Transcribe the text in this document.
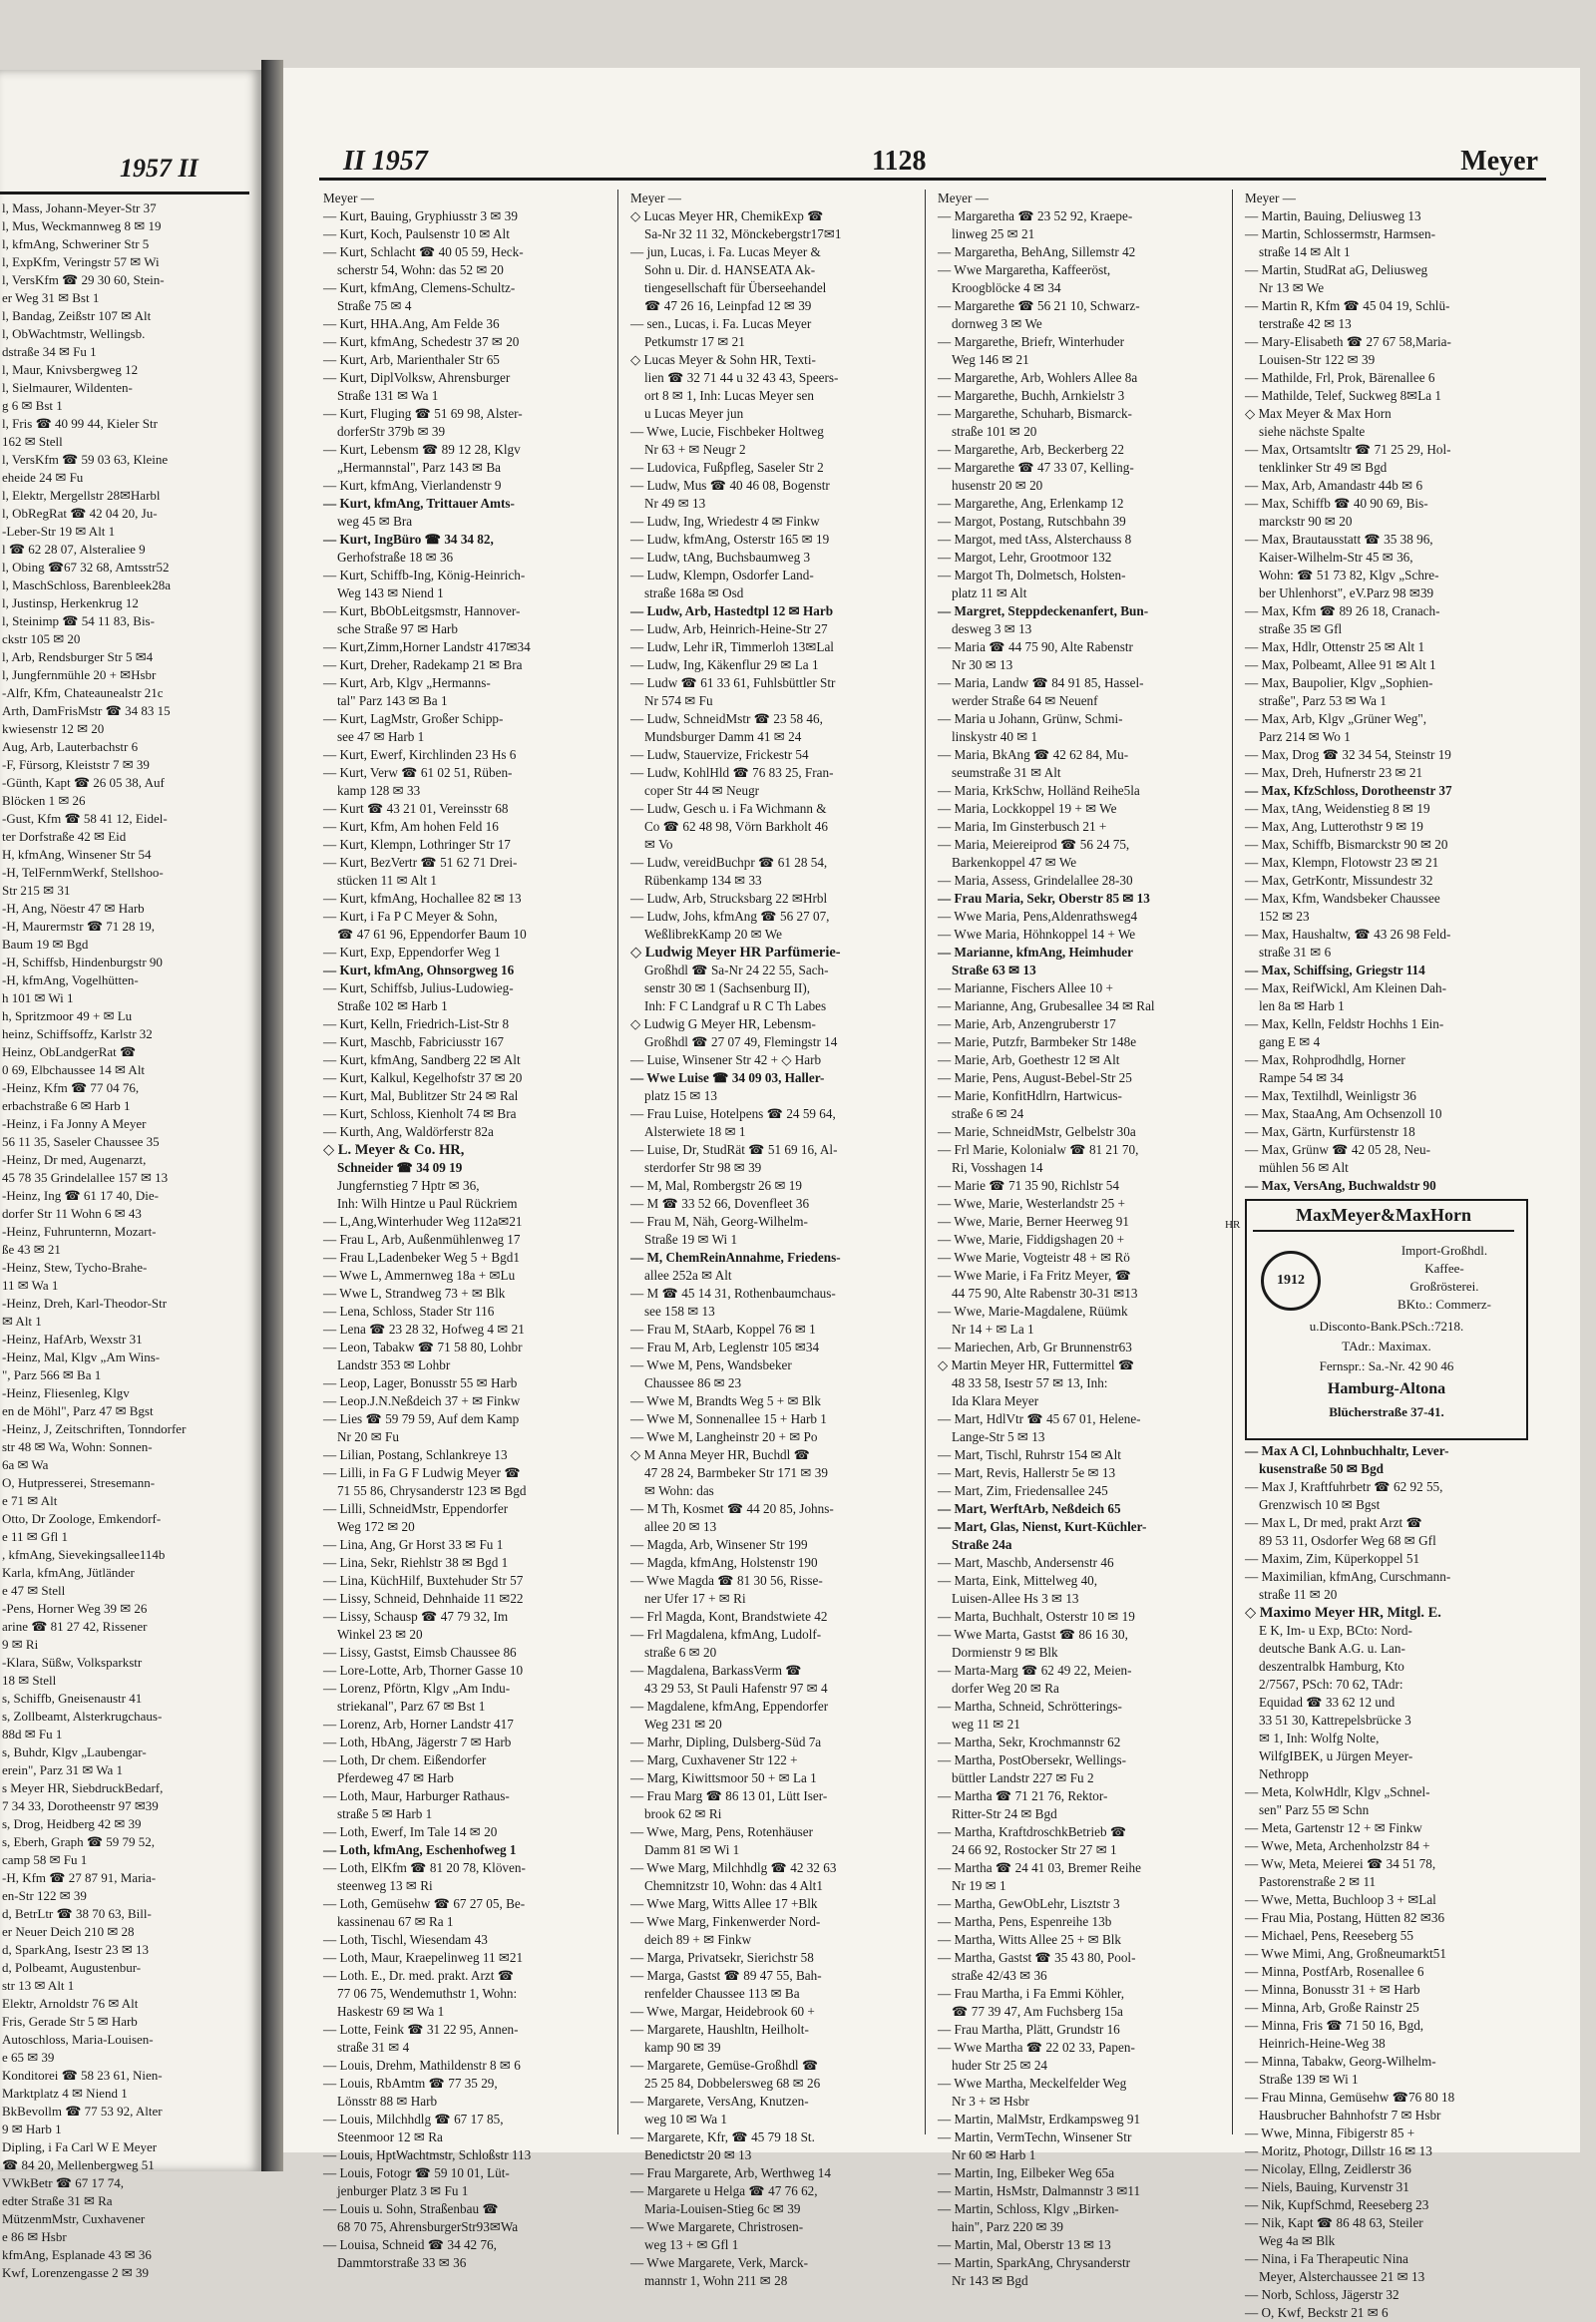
1957 II
l, Mass, Johann-Meyer-Str 37
l, Mus, Weckmannweg 8 ✉ 19
l, kfmAng, Schweriner Str 5
l, ExpKfm, Veringstr 57 ✉ Wi
l, VersKfm ☎ 29 30 60, Stein-
er Weg 31 ✉ Bst 1
l, Bandag, Zeißstr 107 ✉ Alt
l, ObWachtmstr, Wellingsb.
dstraße 34 ✉ Fu 1
l, Maur, Knivsbergweg 12
l, Sielmaurer, Wildenten-
g 6 ✉ Bst 1
l, Fris ☎ 40 99 44, Kieler Str
162 ✉ Stell
l, VersKfm ☎ 59 03 63, Kleine
eheide 24 ✉ Fu
l, Elektr, Mergellstr 28✉Harbl
l, ObRegRat ☎ 42 04 20, Ju-
-Leber-Str 19 ✉ Alt 1
l ☎ 62 28 07, Alsteraliee 9
l, Obing ☎67 32 68, Amtsstr52
l, MaschSchloss, Barenbleek28a
l, Justinsp, Herkenkrug 12
l, Steinimp ☎ 54 11 83, Bis-
ckstr 105 ✉ 20
l, Arb, Rendsburger Str 5 ✉4
l, Jungfernmühle 20 + ✉Hsbr
-Alfr, Kfm, Chateaunealstr 21c
Arth, DamFrisMstr ☎ 34 83 15
kwiesenstr 12 ✉ 20
Aug, Arb, Lauterbachstr 6
-F, Fürsorg, Kleiststr 7 ✉ 39
-Günth, Kapt ☎ 26 05 38, Auf
Blöcken 1 ✉ 26
-Gust, Kfm ☎ 58 41 12, Eidel-
ter Dorfstraße 42 ✉ Eid
H, kfmAng, Winsener Str 54
-H, TelFernmWerkf, Stellshoo-
Str 215 ✉ 31
-H, Ang, Nöestr 47 ✉ Harb
-H, Maurermstr ☎ 71 28 19,
Baum 19 ✉ Bgd
-H, Schiffsb, Hindenburgstr 90
-H, kfmAng, Vogelhütten-
h 101 ✉ Wi 1
h, Spritzmoor 49 + ✉ Lu
heinz, Schiffsoffz, Karlstr 32
Heinz, ObLandgerRat ☎
0 69, Elbchaussee 14 ✉ Alt
-Heinz, Kfm ☎ 77 04 76,
erbachstraße 6 ✉ Harb 1
-Heinz, i Fa Jonny A Meyer
56 11 35, Saseler Chaussee 35
-Heinz, Dr med, Augenarzt,
45 78 35 Grindelallee 157 ✉ 13
-Heinz, Ing ☎ 61 17 40, Die-
dorfer Str 11 Wohn 6 ✉ 43
-Heinz, Fuhrunternn, Mozart-
ße 43 ✉ 21
-Heinz, Stew, Tycho-Brahe-
11 ✉ Wa 1
-Heinz, Dreh, Karl-Theodor-Str
✉ Alt 1
-Heinz, HafArb, Wexstr 31
-Heinz, Mal, Klgv „Am Wins-
", Parz 566 ✉ Ba 1
-Heinz, Fliesenleg, Klgv
en de Möhl", Parz 47 ✉ Bgst
-Heinz, J, Zeitschriften, Tonndorfer
str 48 ✉ Wa, Wohn: Sonnen-
6a ✉ Wa
O, Hutpresserei, Stresemann-
e 71 ✉ Alt
Otto, Dr Zoologe, Emkendorf-
e 11 ✉ Gfl 1
, kfmAng, Sievekingsallee114b
Karla, kfmAng, Jütländer
e 47 ✉ Stell
-Pens, Horner Weg 39 ✉ 26
arine ☎ 81 27 42, Rissener
9 ✉ Ri
-Klara, Süßw, Volksparkstr
18 ✉ Stell
s, Schiffb, Gneisenaustr 41
s, Zollbeamt, Alsterkrugchaus-
88d ✉ Fu 1
s, Buhdr, Klgv „Laubengar-
erein", Parz 31 ✉ Wa 1
s Meyer HR, SiebdruckBedarf,
7 34 33, Dorotheenstr 97 ✉39
s, Drog, Heidberg 42 ✉ 39
s, Eberh, Graph ☎ 59 79 52,
camp 58 ✉ Fu 1
-H, Kfm ☎ 27 87 91, Maria-
en-Str 122 ✉ 39
d, BetrLtr ☎ 38 70 63, Bill-
er Neuer Deich 210 ✉ 28
d, SparkAng, Isestr 23 ✉ 13
d, Polbeamt, Augustenbur-
str 13 ✉ Alt 1
Elektr, Arnoldstr 76 ✉ Alt
Fris, Gerade Str 5 ✉ Harb
Autoschloss, Maria-Louisen-
e 65 ✉ 39
Konditorei ☎ 58 23 61, Nien-
Marktplatz 4 ✉ Niend 1
BkBevollm ☎ 77 53 92, Alter
9 ✉ Harb 1
Dipling, i Fa Carl W E Meyer
☎ 84 20, Mellenbergweg 51
VWkBetr ☎ 67 17 74,
edter Straße 31 ✉ Ra
MützenmMstr, Cuxhavener
e 86 ✉ Hsbr
kfmAng, Esplanade 43 ✉ 36
Kwf, Lorenzengasse 2 ✉ 39
II 1957	1128	Meyer
Meyer —
— Kurt, Bauing, Gryphiusstr 3 ✉ 39
— Kurt, Koch, Paulsenstr 10 ✉ Alt
— Kurt, Schlacht ☎ 40 05 59, Heck-
scherstr 54, Wohn: das 52 ✉ 20
— Kurt, kfmAng, Clemens-Schultz-
Straße 75 ✉ 4
— Kurt, HHA.Ang, Am Felde 36
— Kurt, kfmAng, Schedestr 37 ✉ 20
— Kurt, Arb, Marienthaler Str 65
— Kurt, DiplVolksw, Ahrensburger
Straße 131 ✉ Wa 1
— Kurt, Fluging ☎ 51 69 98, Alster-
dorferStr 379b ✉ 39
— Kurt, Lebensm ☎ 89 12 28, Klgv
„Hermannstal", Parz 143 ✉ Ba
— Kurt, kfmAng, Vierlandenstr 9
— Kurt, kfmAng, Trittauer Amts-
weg 45 ✉ Bra
— Kurt, IngBüro ☎ 34 34 82,
Gerhofstraße 18 ✉ 36
— Kurt, Schiffb-Ing, König-Heinrich-
Weg 143 ✉ Niend 1
— Kurt, BbObLeitgsmstr, Hannover-
sche Straße 97 ✉ Harb
— Kurt,Zimm,Horner Landstr 417✉34
— Kurt, Dreher, Radekamp 21 ✉ Bra
— Kurt, Arb, Klgv „Hermanns-
tal" Parz 143 ✉ Ba 1
— Kurt, LagMstr, Großer Schipp-
see 47 ✉ Harb 1
— Kurt, Ewerf, Kirchlinden 23 Hs 6
— Kurt, Verw ☎ 61 02 51, Rüben-
kamp 128 ✉ 33
— Kurt ☎ 43 21 01, Vereinsstr 68
— Kurt, Kfm, Am hohen Feld 16
— Kurt, Klempn, Lothringer Str 17
— Kurt, BezVertr ☎ 51 62 71 Drei-
stücken 11 ✉ Alt 1
— Kurt, kfmAng, Hochallee 82 ✉ 13
— Kurt, i Fa P C Meyer & Sohn,
☎ 47 61 96, Eppendorfer Baum 10
— Kurt, Exp, Eppendorfer Weg 1
— Kurt, kfmAng, Ohnsorgweg 16
— Kurt, Schiffsb, Julius-Ludowieg-
Straße 102 ✉ Harb 1
— Kurt, Kelln, Friedrich-List-Str 8
— Kurt, Maschb, Fabriciusstr 167
— Kurt, kfmAng, Sandberg 22 ✉ Alt
— Kurt, Kalkul, Kegelhofstr 37 ✉ 20
— Kurt, Mal, Bublitzer Str 24 ✉ Ral
— Kurt, Schloss, Kienholt 74 ✉ Bra
— Kurth, Ang, Waldörferstr 82a
◇ L. Meyer & Co. HR,
Schneider ☎ 34 09 19
Jungfernstieg 7 Hptr ✉ 36,
Inh: Wilh Hintze u Paul Rückriem
— L,Ang,Winterhuder Weg 112a✉21
— Frau L, Arb, Außenmühlenweg 17
— Frau L,Ladenbeker Weg 5 + Bgd1
— Wwe L, Ammernweg 18a + ✉Lu
— Wwe L, Strandweg 73 + ✉ Blk
— Lena, Schloss, Stader Str 116
— Lena ☎ 23 28 32, Hofweg 4 ✉ 21
— Leon, Tabakw ☎ 71 58 80, Lohbr
Landstr 353 ✉ Lohbr
— Leop, Lager, Bonusstr 55 ✉ Harb
— Leop.J.N.Neßdeich 37 + ✉ Finkw
— Lies ☎ 59 79 59, Auf dem Kamp
Nr 20 ✉ Fu
— Lilian, Postang, Schlankreye 13
— Lilli, in Fa G F Ludwig Meyer ☎
71 55 86, Chrysanderstr 123 ✉ Bgd
— Lilli, SchneidMstr, Eppendorfer
Weg 172 ✉ 20
— Lina, Ang, Gr Horst 33 ✉ Fu 1
— Lina, Sekr, Riehlstr 38 ✉ Bgd 1
— Lina, KüchHilf, Buxtehuder Str 57
— Lissy, Schneid, Dehnhaide 11 ✉22
— Lissy, Schausp ☎ 47 79 32, Im
Winkel 23 ✉ 20
— Lissy, Gastst, Eimsb Chaussee 86
— Lore-Lotte, Arb, Thorner Gasse 10
— Lorenz, Pförtn, Klgv „Am Indu-
striekanal", Parz 67 ✉ Bst 1
— Lorenz, Arb, Horner Landstr 417
— Loth, HbAng, Jägerstr 7 ✉ Harb
— Loth, Dr chem. Eißendorfer
Pferdeweg 47 ✉ Harb
— Loth, Maur, Harburger Rathaus-
straße 5 ✉ Harb 1
— Loth, Ewerf, Im Tale 14 ✉ 20
— Loth, kfmAng, Eschenhofweg 1
— Loth, ElKfm ☎ 81 20 78, Klöven-
steenweg 13 ✉ Ri
— Loth, Gemüsehw ☎ 67 27 05, Be-
kassinenau 67 ✉ Ra 1
— Loth, Tischl, Wiesendam 43
— Loth, Maur, Kraepelinweg 11 ✉21
— Loth. E., Dr. med. prakt. Arzt ☎
77 06 75, Wendemuthstr 1, Wohn:
Haskestr 69 ✉ Wa 1
— Lotte, Feink ☎ 31 22 95, Annen-
straße 31 ✉ 4
— Louis, Drehm, Mathildenstr 8 ✉ 6
— Louis, RbAmtm ☎ 77 35 29,
Lönsstr 88 ✉ Harb
— Louis, Milchhdlg ☎ 67 17 85,
Steenmoor 12 ✉ Ra
— Louis, HptWachtmstr, Schloßstr 113
— Louis, Fotogr ☎ 59 10 01, Lüt-
jenburger Platz 3 ✉ Fu 1
— Louis u. Sohn, Straßenbau ☎
68 70 75, AhrensburgerStr93✉Wa
— Louisa, Schneid ☎ 34 42 76,
Dammtorstraße 33 ✉ 36
Meyer —
◇ Lucas Meyer HR, ChemikExp ☎
Sa-Nr 32 11 32, Mönckebergstr17✉1
— jun, Lucas, i. Fa. Lucas Meyer &
Sohn u. Dir. d. HANSEATA Ak-
tiengesellschaft für Überseehandel
☎ 47 26 16, Leinpfad 12 ✉ 39
— sen., Lucas, i. Fa. Lucas Meyer
Petkumstr 17 ✉ 21
◇ Lucas Meyer & Sohn HR, Texti-
lien ☎ 32 71 44 u 32 43 43, Speers-
ort 8 ✉ 1, Inh: Lucas Meyer sen
u Lucas Meyer jun
— Wwe, Lucie, Fischbeker Holtweg
Nr 63 + ✉ Neugr 2
— Ludovica, Fußpfleg, Saseler Str 2
— Ludw, Mus ☎ 40 46 08, Bogenstr
Nr 49 ✉ 13
— Ludw, Ing, Wriedestr 4 ✉ Finkw
— Ludw, kfmAng, Osterstr 165 ✉ 19
— Ludw, tAng, Buchsbaumweg 3
— Ludw, Klempn, Osdorfer Land-
straße 168a ✉ Osd
— Ludw, Arb, Hastedtpl 12 ✉ Harb
— Ludw, Arb, Heinrich-Heine-Str 27
— Ludw, Lehr iR, Timmerloh 13✉Lal
— Ludw, Ing, Käkenflur 29 ✉ La 1
— Ludw ☎ 61 33 61, Fuhlsbüttler Str
Nr 574 ✉ Fu
— Ludw, SchneidMstr ☎ 23 58 46,
Mundsburger Damm 41 ✉ 24
— Ludw, Stauervize, Frickestr 54
— Ludw, KohlHld ☎ 76 83 25, Fran-
coper Str 44 ✉ Neugr
— Ludw, Gesch u. i Fa Wichmann &
Co ☎ 62 48 98, Vörn Barkholt 46
✉ Vo
— Ludw, vereidBuchpr ☎ 61 28 54,
Rübenkamp 134 ✉ 33
— Ludw, Arb, Strucksbarg 22 ✉Hrbl
— Ludw, Johs, kfmAng ☎ 56 27 07,
WeßlibrekKamp 20 ✉ We
◇ Ludwig Meyer HR Parfümerie-
Großhdl ☎ Sa-Nr 24 22 55, Sach-
senstr 30 ✉ 1 (Sachsenburg II),
Inh: F C Landgraf u R C Th Labes
◇ Ludwig G Meyer HR, Lebensm-
Großhdl ☎ 27 07 49, Flemingstr 14
— Luise, Winsener Str 42 + ◇ Harb
— Wwe Luise ☎ 34 09 03, Haller-
platz 15 ✉ 13
— Frau Luise, Hotelpens ☎ 24 59 64,
Alsterwiete 18 ✉ 1
— Luise, Dr, StudRät ☎ 51 69 16, Al-
sterdorfer Str 98 ✉ 39
— M, Mal, Rombergstr 26 ✉ 19
— M ☎ 33 52 66, Dovenfleet 36
— Frau M, Näh, Georg-Wilhelm-
Straße 19 ✉ Wi 1
— M, ChemReinAnnahme, Friedens-
allee 252a ✉ Alt
— M ☎ 45 14 31, Rothenbaumchaus-
see 158 ✉ 13
— Frau M, StAarb, Koppel 76 ✉ 1
— Frau M, Arb, Leglenstr 105 ✉34
— Wwe M, Pens, Wandsbeker
Chaussee 86 ✉ 23
— Wwe M, Brandts Weg 5 + ✉ Blk
— Wwe M, Sonnenallee 15 + Harb 1
— Wwe M, Langheinstr 20 + ✉ Po
◇ M Anna Meyer HR, Buchdl ☎
47 28 24, Barmbeker Str 171 ✉ 39
✉ Wohn: das
— M Th, Kosmet ☎ 44 20 85, Johns-
allee 20 ✉ 13
— Magda, Arb, Winsener Str 199
— Magda, kfmAng, Holstenstr 190
— Wwe Magda ☎ 81 30 56, Risse-
ner Ufer 17 + ✉ Ri
— Frl Magda, Kont, Brandstwiete 42
— Frl Magdalena, kfmAng, Ludolf-
straße 6 ✉ 20
— Magdalena, BarkassVerm ☎
43 29 53, St Pauli Hafenstr 97 ✉ 4
— Magdalene, kfmAng, Eppendorfer
Weg 231 ✉ 20
— Marhr, Dipling, Dulsberg-Süd 7a
— Marg, Cuxhavener Str 122 +
— Marg, Kiwittsmoor 50 + ✉ La 1
— Frau Marg ☎ 86 13 01, Lütt Iser-
brook 62 ✉ Ri
— Wwe, Marg, Pens, Rotenhäuser
Damm 81 ✉ Wi 1
— Wwe Marg, Milchhdlg ☎ 42 32 63
Chemnitzstr 10, Wohn: das 4 Alt1
— Wwe Marg, Witts Allee 17 +Blk
— Wwe Marg, Finkenwerder Nord-
deich 89 + ✉ Finkw
— Marga, Privatsekr, Sierichstr 58
— Marga, Gastst ☎ 89 47 55, Bah-
renfelder Chaussee 113 ✉ Ba
— Wwe, Margar, Heidebrook 60 +
— Margarete, Haushltn, Heilholt-
kamp 90 ✉ 39
— Margarete, Gemüse-Großhdl ☎
25 25 84, Dobbelersweg 68 ✉ 26
— Margarete, VersAng, Knutzen-
weg 10 ✉ Wa 1
— Margarete, Kfr, ☎ 45 79 18 St.
Benedictstr 20 ✉ 13
— Frau Margarete, Arb, Werthweg 14
— Margarete u Helga ☎ 47 76 62,
Maria-Louisen-Stieg 6c ✉ 39
— Wwe Margarete, Christrosen-
weg 13 + ✉ Gfl 1
— Wwe Margarete, Verk, Marck-
mannstr 1, Wohn 211 ✉ 28
Meyer —
— Margaretha ☎ 23 52 92, Kraepe-
linweg 25 ✉ 21
— Margaretha, BehAng, Sillemstr 42
— Wwe Margaretha, Kaffeeröst,
Kroogblöcke 4 ✉ 34
— Margarethe ☎ 56 21 10, Schwarz-
dornweg 3 ✉ We
— Margarethe, Briefr, Winterhuder
Weg 146 ✉ 21
— Margarethe, Arb, Wohlers Allee 8a
— Margarethe, Buchh, Arnkielstr 3
— Margarethe, Schuharb, Bismarck-
straße 101 ✉ 20
— Margarethe, Arb, Beckerberg 22
— Margarethe ☎ 47 33 07, Kelling-
husenstr 20 ✉ 20
— Margarethe, Ang, Erlenkamp 12
— Margot, Postang, Rutschbahn 39
— Margot, med tAss, Alsterchauss 8
— Margot, Lehr, Grootmoor 132
— Margot Th, Dolmetsch, Holsten-
platz 11 ✉ Alt
— Margret, Steppdeckenanfert, Bun-
desweg 3 ✉ 13
— Maria ☎ 44 75 90, Alte Rabenstr
Nr 30 ✉ 13
— Maria, Landw ☎ 84 91 85, Hassel-
werder Straße 64 ✉ Neuenf
— Maria u Johann, Grünw, Schmi-
linskystr 40 ✉ 1
— Maria, BkAng ☎ 42 62 84, Mu-
seumstraße 31 ✉ Alt
— Maria, KrkSchw, Holländ Reihe5la
— Maria, Lockkoppel 19 + ✉ We
— Maria, Im Ginsterbusch 21 +
— Maria, Meiereiprod ☎ 56 24 75,
Barkenkoppel 47 ✉ We
— Maria, Assess, Grindelallee 28-30
— Frau Maria, Sekr, Oberstr 85 ✉ 13
— Wwe Maria, Pens,Aldenrathsweg4
— Wwe Maria, Höhnkoppel 14 + We
— Marianne, kfmAng, Heimhuder
Straße 63 ✉ 13
— Marianne, Fischers Allee 10 +
— Marianne, Ang, Grubesallee 34 ✉ Ral
— Marie, Arb, Anzengruberstr 17
— Marie, Putzfr, Barmbeker Str 148e
— Marie, Arb, Goethestr 12 ✉ Alt
— Marie, Pens, August-Bebel-Str 25
— Marie, KonfitHdlrn, Hartwicus-
straße 6 ✉ 24
— Marie, SchneidMstr, Gelbelstr 30a
— Frl Marie, Kolonialw ☎ 81 21 70,
Ri, Vosshagen 14
— Marie ☎ 71 35 90, Richlstr 54
— Wwe, Marie, Westerlandstr 25 +
— Wwe, Marie, Berner Heerweg 91
— Wwe, Marie, Fiddigshagen 20 +
— Wwe Marie, Vogteistr 48 + ✉ Rö
— Wwe Marie, i Fa Fritz Meyer, ☎
44 75 90, Alte Rabenstr 30-31 ✉13
— Wwe, Marie-Magdalene, Rüümk
Nr 14 + ✉ La 1
— Mariechen, Arb, Gr Brunnenstr63
◇ Martin Meyer HR, Futtermittel ☎
48 33 58, Isestr 57 ✉ 13, Inh:
Ida Klara Meyer
— Mart, HdlVtr ☎ 45 67 01, Helene-
Lange-Str 5 ✉ 13
— Mart, Tischl, Ruhrstr 154 ✉ Alt
— Mart, Revis, Hallerstr 5e ✉ 13
— Mart, Zim, Friedensallee 245
— Mart, WerftArb, Neßdeich 65
— Mart, Glas, Nienst, Kurt-Küchler-
Straße 24a
— Mart, Maschb, Andersenstr 46
— Marta, Eink, Mittelweg 40,
Luisen-Allee Hs 3 ✉ 13
— Marta, Buchhalt, Osterstr 10 ✉ 19
— Wwe Marta, Gastst ☎ 86 16 30,
Dormienstr 9 ✉ Blk
— Marta-Marg ☎ 62 49 22, Meien-
dorfer Weg 20 ✉ Ra
— Martha, Schneid, Schrötterings-
weg 11 ✉ 21
— Martha, Sekr, Krochmannstr 62
— Martha, PostObersekr, Wellings-
büttler Landstr 227 ✉ Fu 2
— Martha ☎ 71 21 76, Rektor-
Ritter-Str 24 ✉ Bgd
— Martha, KraftdroschkBetrieb ☎
24 66 92, Rostocker Str 27 ✉ 1
— Martha ☎ 24 41 03, Bremer Reihe
Nr 19 ✉ 1
— Martha, GewObLehr, Lisztstr 3
— Martha, Pens, Espenreihe 13b
— Martha, Witts Allee 25 + ✉ Blk
— Martha, Gastst ☎ 35 43 80, Pool-
straße 42/43 ✉ 36
— Frau Martha, i Fa Emmi Köhler,
☎ 77 39 47, Am Fuchsberg 15a
— Frau Martha, Plätt, Grundstr 16
— Wwe Martha ☎ 22 02 33, Papen-
huder Str 25 ✉ 24
— Wwe Martha, Meckelfelder Weg
Nr 3 + ✉ Hsbr
— Martin, MalMstr, Erdkampsweg 91
— Martin, VermTechn, Winsener Str
Nr 60 ✉ Harb 1
— Martin, Ing, Eilbeker Weg 65a
— Martin, HsMstr, Dalmannstr 3 ✉11
— Martin, Schloss, Klgv „Birken-
hain", Parz 220 ✉ 39
— Martin, Mal, Oberstr 13 ✉ 13
— Martin, SparkAng, Chrysanderstr
Nr 143 ✉ Bgd
Meyer —
— Martin, Bauing, Deliusweg 13
— Martin, Schlossermstr, Harmsen-
straße 14 ✉ Alt 1
— Martin, StudRat aG, Deliusweg
Nr 13 ✉ We
— Martin R, Kfm ☎ 45 04 19, Schlü-
terstraße 42 ✉ 13
— Mary-Elisabeth ☎ 27 67 58,Maria-
Louisen-Str 122 ✉ 39
— Mathilde, Frl, Prok, Bärenallee 6
— Mathilde, Telef, Suckweg 8✉La 1
◇ Max Meyer & Max Horn
siehe nächste Spalte
— Max, Ortsamtsltr ☎ 71 25 29, Hol-
tenklinker Str 49 ✉ Bgd
— Max, Arb, Amandastr 44b ✉ 6
— Max, Schiffb ☎ 40 90 69, Bis-
marckstr 90 ✉ 20
— Max, Brautausstatt ☎ 35 38 96,
Kaiser-Wilhelm-Str 45 ✉ 36,
Wohn: ☎ 51 73 82, Klgv „Schre-
ber Uhlenhorst", eV.Parz 98 ✉39
— Max, Kfm ☎ 89 26 18, Cranach-
straße 35 ✉ Gfl
— Max, Hdlr, Ottenstr 25 ✉ Alt 1
— Max, Polbeamt, Allee 91 ✉ Alt 1
— Max, Baupolier, Klgv „Sophien-
straße", Parz 53 ✉ Wa 1
— Max, Arb, Klgv „Grüner Weg",
Parz 214 ✉ Wo 1
— Max, Drog ☎ 32 34 54, Steinstr 19
— Max, Dreh, Hufnerstr 23 ✉ 21
— Max, KfzSchloss, Dorotheenstr 37
— Max, tAng, Weidenstieg 8 ✉ 19
— Max, Ang, Lutterothstr 9 ✉ 19
— Max, Schiffb, Bismarckstr 90 ✉ 20
— Max, Klempn, Flotowstr 23 ✉ 21
— Max, GetrKontr, Missundestr 32
— Max, Kfm, Wandsbeker Chaussee
152 ✉ 23
— Max, Haushaltw, ☎ 43 26 98 Feld-
straße 31 ✉ 6
— Max, Schiffsing, Griegstr 114
— Max, ReifWickl, Am Kleinen Dah-
len 8a ✉ Harb 1
— Max, Kelln, Feldstr Hochhs 1 Ein-
gang E ✉ 4
— Max, Rohprodhdlg, Horner
Rampe 54 ✉ 34
— Max, Textilhdl, Weinligstr 36
— Max, StaaAng, Am Ochsenzoll 10
— Max, Gärtn, Kurfürstenstr 18
— Max, Grünw ☎ 42 05 28, Neu-
mühlen 56 ✉ Alt
— Max, VersAng, Buchwaldstr 90
MaxMeyer&MaxHorn
1912
HR
Import-Großhdl.
Kaffee-
Großrösterei.
BKto.: Commerz-
u.Disconto-Bank.PSch.:7218.
TAdr.: Maximax.
Fernspr.: Sa.-Nr. 42 90 46
Hamburg-Altona
Blücherstraße 37-41.
— Max A Cl, Lohnbuchhaltr, Lever-
kusenstraße 50 ✉ Bgd
— Max J, Kraftfuhrbetr ☎ 62 92 55,
Grenzwisch 10 ✉ Bgst
— Max L, Dr med, prakt Arzt ☎
89 53 11, Osdorfer Weg 68 ✉ Gfl
— Maxim, Zim, Küperkoppel 51
— Maximilian, kfmAng, Curschmann-
straße 11 ✉ 20
◇ Maximo Meyer HR, Mitgl. E.
E K, Im- u Exp, BCto: Nord-
deutsche Bank A.G. u. Lan-
deszentralbk Hamburg, Kto
2/7567, PSch: 70 62, TAdr:
Equidad ☎ 33 62 12 und
33 51 30, Kattrepelsbrücke 3
✉ 1, Inh: Wolfg Nolte,
WilfgIBEK, u Jürgen Meyer-
Nethropp
— Meta, KolwHdlr, Klgv „Schnel-
sen" Parz 55 ✉ Schn
— Meta, Gartenstr 12 + ✉ Finkw
— Wwe, Meta, Archenholzstr 84 +
— Ww, Meta, Meierei ☎ 34 51 78,
Pastorenstraße 2 ✉ 11
— Wwe, Metta, Buchloop 3 + ✉Lal
— Frau Mia, Postang, Hütten 82 ✉36
— Michael, Pens, Reeseberg 55
— Wwe Mimi, Ang, Großneumarkt51
— Minna, PostfArb, Rosenallee 6
— Minna, Bonusstr 31 + ✉ Harb
— Minna, Arb, Große Rainstr 25
— Minna, Fris ☎ 71 50 16, Bgd,
Heinrich-Heine-Weg 38
— Minna, Tabakw, Georg-Wilhelm-
Straße 139 ✉ Wi 1
— Frau Minna, Gemüsehw ☎76 80 18
Hausbrucher Bahnhofstr 7 ✉ Hsbr
— Wwe, Minna, Fibigerstr 85 +
— Moritz, Photogr, Dillstr 16 ✉ 13
— Nicolay, Ellng, Zeidlerstr 36
— Niels, Bauing, Kurvenstr 31
— Nik, KupfSchmd, Reeseberg 23
— Nik, Kapt ☎ 86 48 63, Steiler
Weg 4a ✉ Blk
— Nina, i Fa Therapeutic Nina
Meyer, Alsterchaussee 21 ✉ 13
— Norb, Schloss, Jägerstr 32
— O, Kwf, Beckstr 21 ✉ 6
